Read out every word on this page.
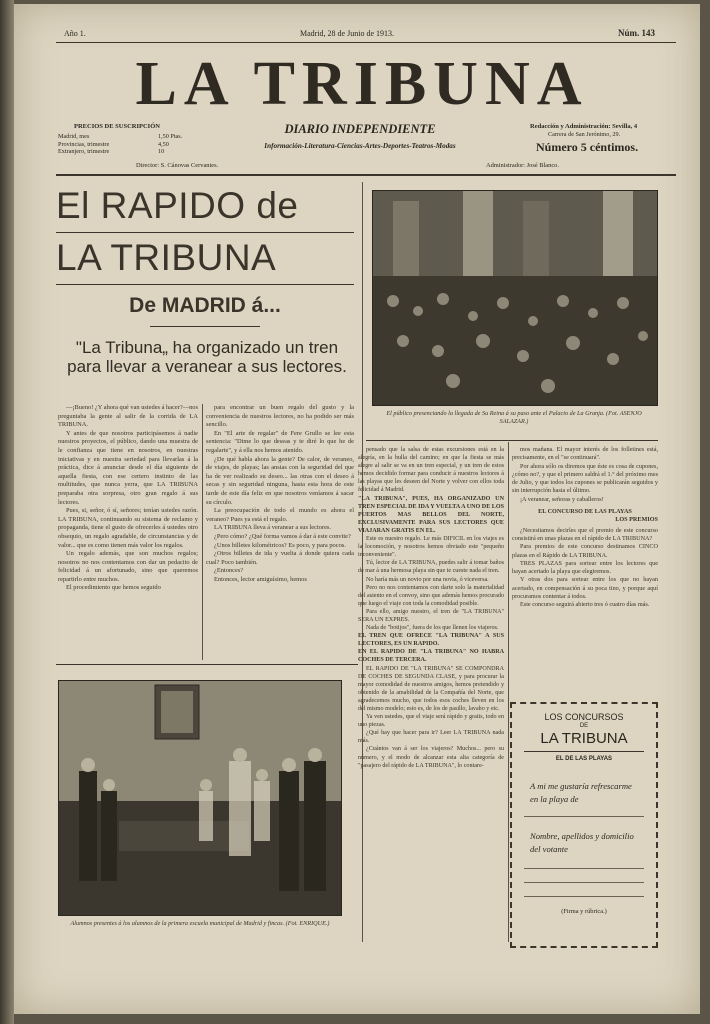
Año 1.	Madrid, 28 de Junio de 1913.	Núm. 143
LA TRIBUNA
DIARIO INDEPENDIENTE
Información-Literatura-Ciencias-Artes-Deportes-Teatros-Modas
PRECIOS DE SUSCRIPCIÓN
Madrid, mes	1,50 Ptas.
Provincias, trimestre	4,50
Extranjero, trimestre	10
Director: S. Cánovas Cervantes.
Redacción y Administración: Sevilla, 4
Carrera de San Jerónimo, 29.
Número 5 céntimos.
Administrador: José Blanco.
El RAPIDO de
LA TRIBUNA
De MADRID á...
"La Tribuna„ ha organizado un tren para llevar a veranear a sus lectores.
El público presenciando la llegada de Su Reina á su paso ante el Palacio de La Granja. (Fot. ASENJO SALAZAR.)

—¡Bueno! ¿Y ahora qué van ustedes á hacer?—nos preguntaba la gente al salir de la corrida de LA TRIBUNA.

Y antes de que nosotros participásemos á nadie nuestros proyectos, el público, dando una muestra de le confianza que tiene en nosotros, en nuestras iniciativas y en nuestra seriedad para llevarlas á la práctica, dice á anunciar desde el día siguiente de aquella fiesta, con ese certero instinto de las multitudes, que nunca yerra, que LA TRIBUNA preparaba otra sorpresa, otro gran regalo á sus lectores.

Pues, si, señor, ó sí, señores; tenían ustedes razón. LA TRIBUNA, continuando su sistema de reclamo y propaganda, tiene el gusto de ofrecerles á ustedes otro obsequio, un regalo agradable, de circunstancias y de valor... que es como tienen más valor los regalos.

Un regalo además, que son muchos regalos; nosotros no nos contentamos con dar un pedacito de felicidad á un afortunado, sino que queremos repartirlo entre muchos.

El procedimiento que hemos seguido

para encontrar un buen regalo del gusto y la conveniencia de nuestros lectores, no ha podido ser más sencillo.

En "El arte de regalar" de Fere Grullo se lee esta sentencia: "Dime lo que deseas y te diré lo que he de regalarte", y á ella nos hemos atenido.

¿De qué habla ahora la gente? De calor, de veraneo, de viajes, de playas; las ansias con la seguridad del que ha de ver realizado su deseo... las otras con el deseo á secas y sin seguridad ninguna, hasta esta hora de este tarde de este día feliz en que nosotros veníamos á sacar su círculo.

La preocupación de todo el mundo es ahora el veraneo? Pues ya está el regalo.

LA TRIBUNA lleva á veranear a sus lectores.

¿Pero cómo? ¿Qué forma vamos á dar á este convite?

¿Unos billetes kilométricos? Es poco, y para pocos.

¿Otros billetes de ida y vuelta á donde quiera cada cual? Poco también.

¿Entonces?

Entonces, lector amiguísimo, hemos

Alumnos presentes á los alumnos de la primera escuela municipal de Madrid y fincas. (Fot. ENRIQUE.)

pensado que la salsa de estas excursiones está en la alegría, en la bulla del camino; en que la fiesta se más alegre al salir se va en un tren especial, y un tren de estos hemos decidido formar para conducir á nuestros lectores á las playas que les deseen del Norte y volver con ellos toda felicidad á Madrid.

"LA TRIBUNA", PUES, HA ORGANIZADO UN TREN ESPECIAL DE IDA Y VUELTA A UNO DE LOS PUERTOS MAS BELLOS DEL NORTE, EXCLUSIVAMENTE PARA SUS LECTORES QUE VIAJARAN GRATIS EN EL.

Este es nuestro regalo. Le más DIFICIL en los viajes es la locomoción, y nosotros hemos obviado este "pequeño inconveniente".

Tú, lector de LA TRIBUNA, puedes salir á tomar baños de mar á una hermosa playa sin que te cueste nada el tren.

No haría más un novio por una novia, ó viceversa.

Pero no nos contentamos con darte solo la materialidad del asiento en el convoy, sino que además hemos procurado que luego el viaje con toda la comodidad posible.

Para ello, amigo nuestro, el tren de "LA TRIBUNA" SERA UN EXPRES.

Nada de "botijos", fuera de los que llenen los viajeros.

EL TREN QUE OFRECE "LA TRIBUNA" A SUS LECTORES, ES UN RAPIDO.

EN EL RAPIDO DE "LA TRIBUNA" NO HABRA COCHES DE TERCERA.

EL RAPIDO DE "LA TRIBUNA" SE COMPONDRA DE COCHES DE SEGUNDA CLASE, y para procurar la mayor comodidad de nuestros amigos, hemos pretendido y obtenido de la amabilidad de la Compañía del Norte, que agradecemos mucho, que todos esos coches lleven en los del mismo modelo; esto es, de los de pasillo, lavabo y etc.

Ya ven ustedes, que el viaje será rápido y gratis, todo en uno piezas.

¿Qué hay que hacer para ir? Leer LA TRIBUNA nada más.

¿Cuántos van á ser los viajeros? Muchos... pero su número, y el modo de alcanzar esta alta categoría de "pasajero del rápido de LA TRIBUNA", lo contare-

mos mañana. El mayor interés de los folletines está, precisamente, en el "se continuará".

Por ahora sólo os diremos que éste es cosa de cupones, ¿cómo no?, y que el primero saldrá el 1.° del próximo mes de Julio, y que todos los cupones se publicarán seguidos y sin interrupción hasta el último.

¡A veranear, señoras y caballeros!

EL CONCURSO DE LAS PLAYAS
LOS PREMIOS

¿Necesitamos decirles que el premio de este concurso consistirá en unas plazas en el rápido de LA TRIBUNA?

Para premios de este concurso destinamos CINCO plazas en el Rápido de LA TRIBUNA.

TRES PLAZAS para sortear entre los lectores que hayan acertado la playa que elegiremos.

Y otras dos para sortear entre los que no hayan acertado, en compensación á su poca tino, y porque aquí procuramos contentar á todos.

Este concurso seguirá abierto tres ó cuatro días más.

LOS CONCURSOS
DE
LA TRIBUNA
EL DE LAS PLAYAS
A mi me gustaría refrescarme en la playa de
Nombre, apellidos y domicilio del votante
(Firma y rúbrica.)
